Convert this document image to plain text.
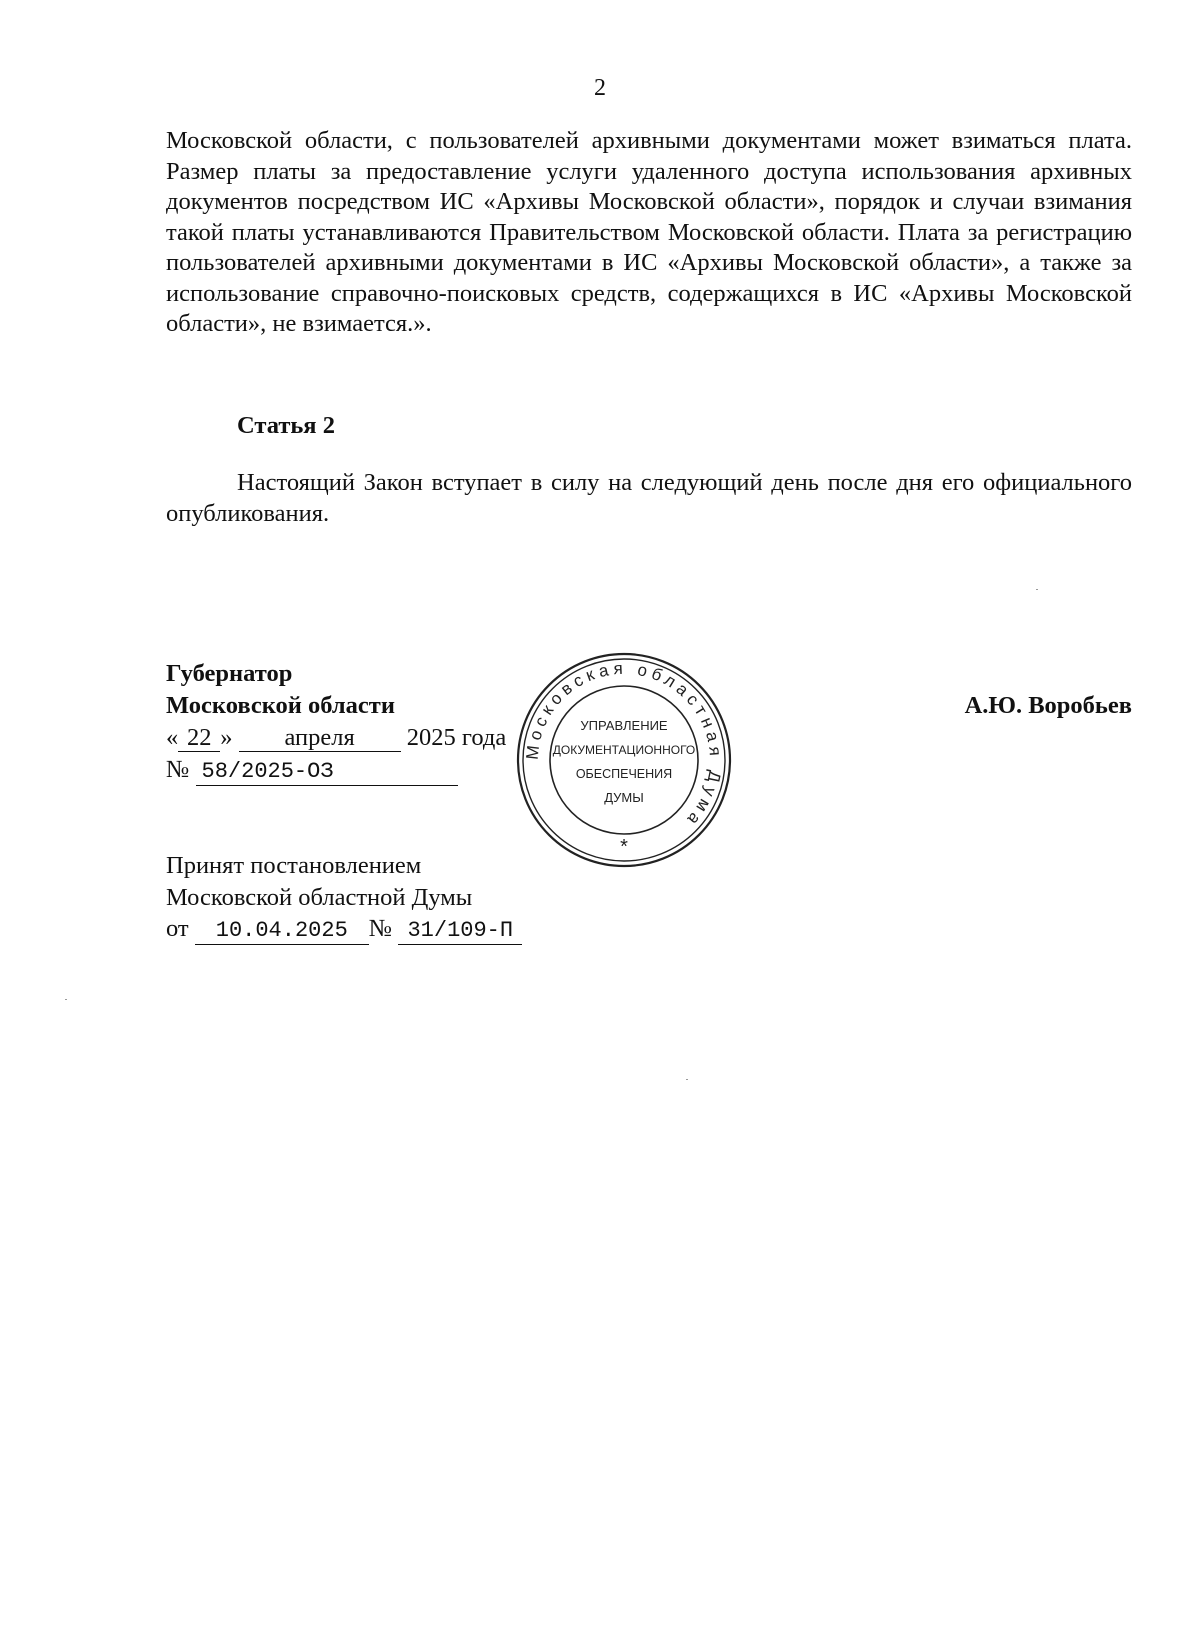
2

Московской области, с пользователей архивными документами может взиматься плата. Размер платы за предоставление услуги удаленного доступа использования архивных документов посредством ИС «Архивы Московской области», порядок и случаи взимания такой платы устанавливаются Правительством Московской области. Плата за регистрацию пользователей архивными документами в ИС «Архивы Московской области», а также за использование справочно-поисковых средств, содержащихся в ИС «Архивы Московской области», не взимается.».

Статья 2

Настоящий Закон вступает в силу на следующий день после дня его официального опубликования.

Губернатор
Московской области
« 22 » апреля 2025 года
№ 58/2025-ОЗ
А.Ю. Воробьев
Принят постановлением
Московской областной Думы
от 10.04.2025 № 31/109-П
Московская областная Дума
УПРАВЛЕНИЕ
ДОКУМЕНТАЦИОННОГО
ОБЕСПЕЧЕНИЯ
ДУМЫ
*
